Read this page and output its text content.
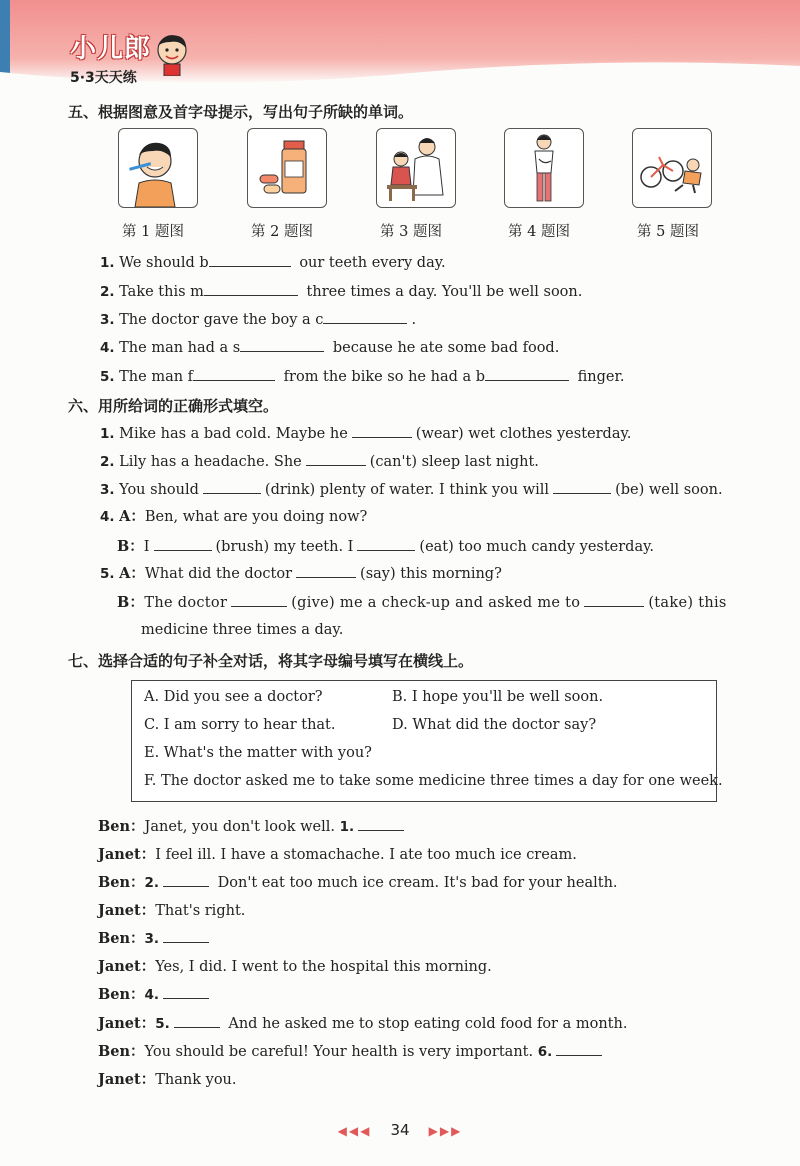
小儿郎
5·3天天练
五、根据图意及首字母提示，写出句子所缺的单词。
第 1 题图	第 2 题图	第 3 题图	第 4 题图	第 5 题图
1. We should b	our teeth every day.
2. Take this m	three times a day. You'll be well soon.
3. The doctor gave the boy a c	.
4. The man had a s	because he ate some bad food.
5. The man f	from the bike so he had a b	finger.
六、用所给词的正确形式填空。
1. Mike has a bad cold. Maybe he	(wear) wet clothes yesterday.
2. Lily has a headache. She	(can't) sleep last night.
3. You should	(drink) plenty of water. I think you will	(be) well soon.
4. A：Ben, what are you doing now?
B：I	(brush) my teeth. I	(eat) too much candy yesterday.
5. A：What did the doctor	(say) this morning?
B：The doctor	(give) me a check-up and asked me to	(take) this
medicine three times a day.
七、选择合适的句子补全对话，将其字母编号填写在横线上。
A. Did you see a doctor?	B. I hope you'll be well soon.
C. I am sorry to hear that.	D. What did the doctor say?
E. What's the matter with you?
F. The doctor asked me to take some medicine three times a day for one week.
Ben：Janet, you don't look well. 1.
Janet：I feel ill. I have a stomachache. I ate too much ice cream.
Ben：2.	Don't eat too much ice cream. It's bad for your health.
Janet：That's right.
Ben：3.
Janet：Yes, I did. I went to the hospital this morning.
Ben：4.
Janet：5.	And he asked me to stop eating cold food for a month.
Ben：You should be careful! Your health is very important. 6.
Janet：Thank you.
◀◀◀ 34 ▶▶▶
